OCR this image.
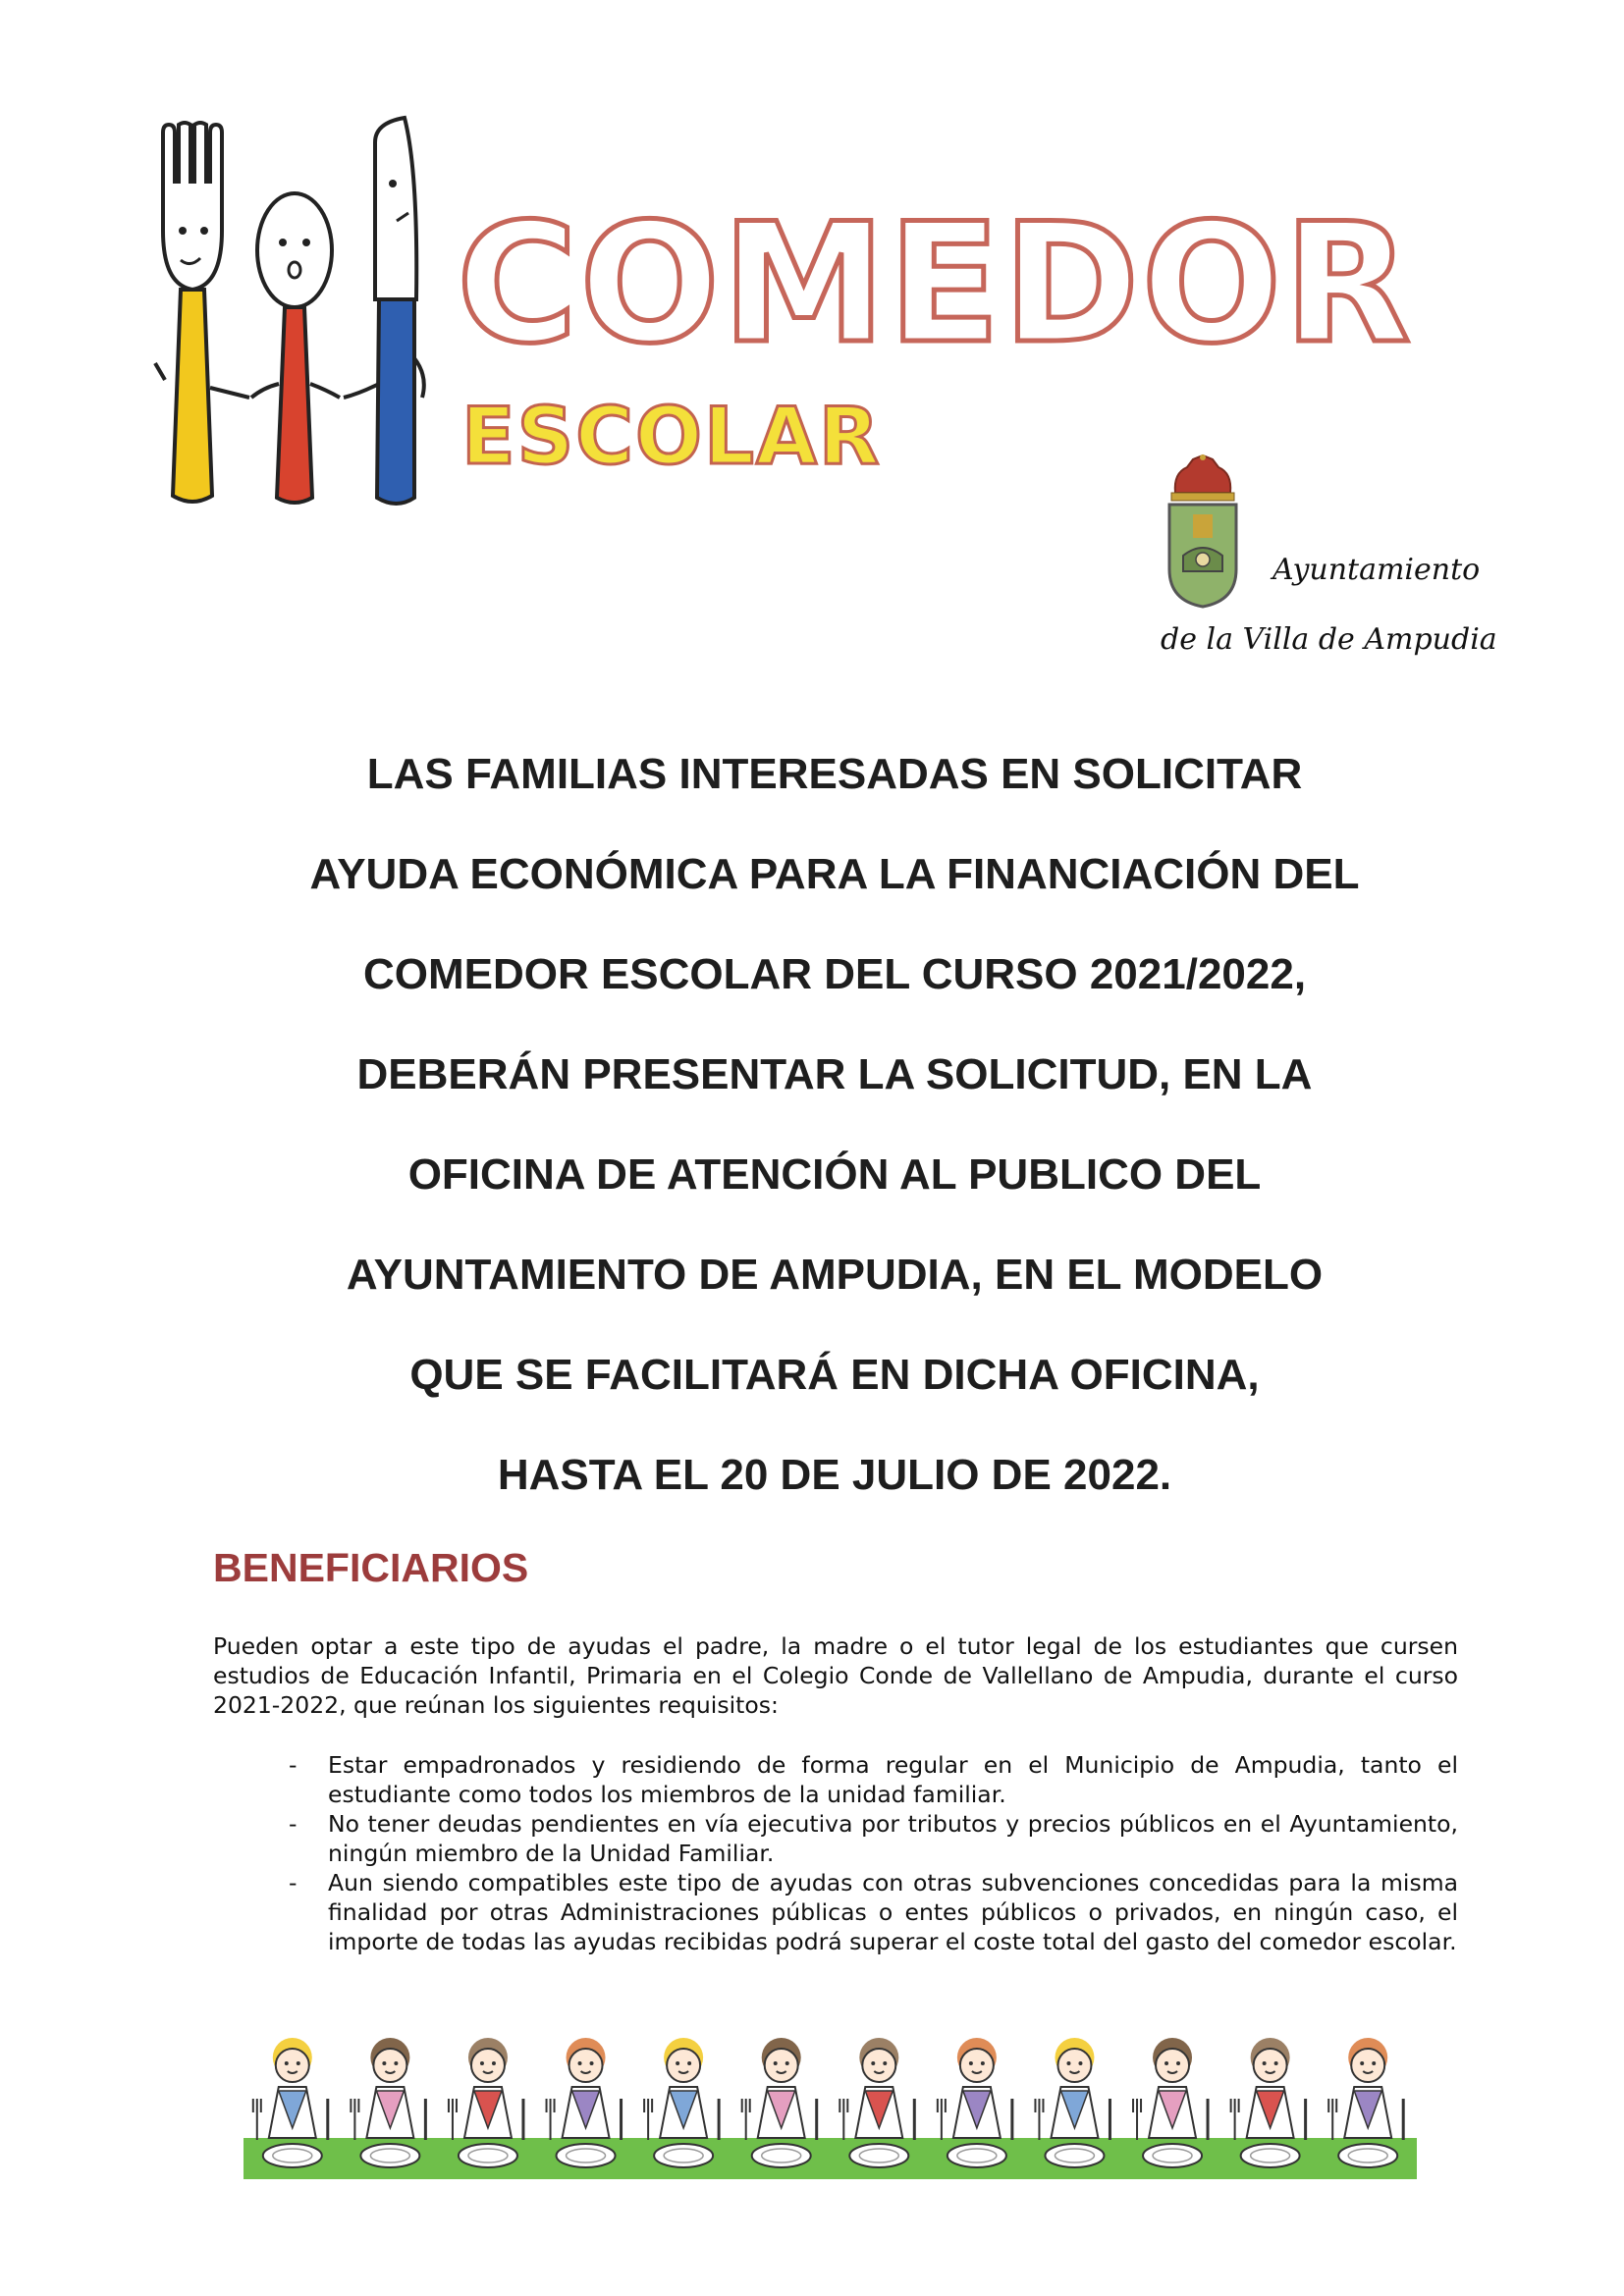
COMEDOR
ESCOLAR
Ayuntamiento
de la Villa de Ampudia
LAS FAMILIAS INTERESADAS EN SOLICITAR
AYUDA ECONÓMICA PARA LA FINANCIACIÓN DEL
COMEDOR ESCOLAR DEL CURSO 2021/2022,
DEBERÁN PRESENTAR LA SOLICITUD, EN LA
OFICINA DE ATENCIÓN AL PUBLICO DEL
AYUNTAMIENTO DE AMPUDIA, EN EL MODELO
QUE SE FACILITARÁ EN DICHA OFICINA,
HASTA EL 20 DE JULIO DE 2022.
BENEFICIARIOS

Pueden optar a este tipo de ayudas el padre, la madre o el tutor legal de los estudiantes que cursen estudios de Educación Infantil, Primaria en el Colegio Conde de Vallellano de Ampudia, durante el curso 2021-2022, que reúnan los siguientes requisitos:

- Estar empadronados y residiendo de forma regular en el Municipio de Ampudia, tanto el estudiante como todos los miembros de la unidad familiar.
- No tener deudas pendientes en vía ejecutiva por tributos y precios públicos en el Ayuntamiento, ningún miembro de la Unidad Familiar.
- Aun siendo compatibles este tipo de ayudas con otras subvenciones concedidas para la misma finalidad por otras Administraciones públicas o entes públicos o privados, en ningún caso, el importe de todas las ayudas recibidas podrá superar el coste total del gasto del comedor escolar.
